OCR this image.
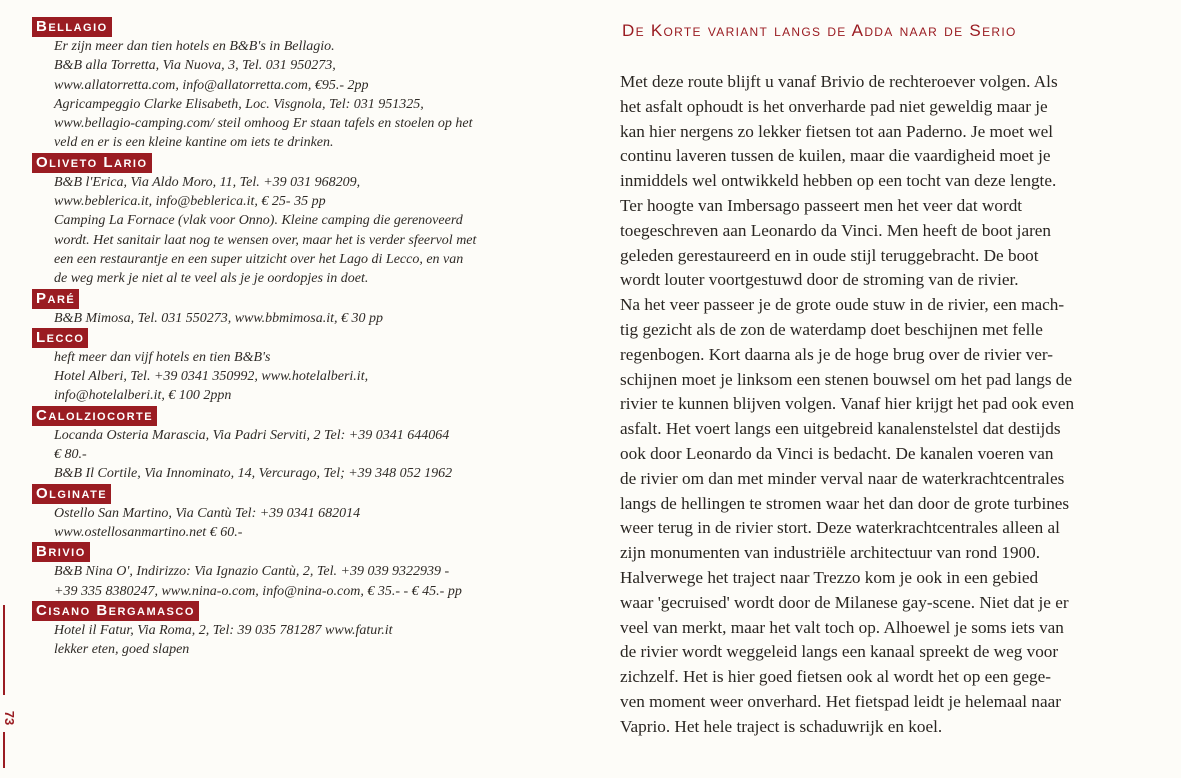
73
Bellagio
Er zijn meer dan tien hotels en B&B's in Bellagio.
B&B alla Torretta, Via Nuova, 3, Tel. 031 950273,
www.allatorretta.com, info@allatorretta.com, €95.- 2pp
Agricampeggio Clarke Elisabeth, Loc. Visgnola, Tel: 031 951325,
www.bellagio-camping.com/ steil omhoog Er staan tafels en stoelen op het
veld en er is een kleine kantine om iets te drinken.
Oliveto Lario
B&B l'Erica, Via Aldo Moro, 11, Tel. +39 031 968209,
www.beblerica.it, info@beblerica.it, € 25- 35 pp
Camping La Fornace (vlak voor Onno). Kleine camping die gerenoveerd
wordt. Het sanitair laat nog te wensen over, maar het is verder sfeervol met
een een restaurantje en een super uitzicht over het Lago di Lecco, en van
de weg merk je niet al te veel als je je oordopjes in doet.
Paré
B&B Mimosa, Tel. 031 550273, www.bbmimosa.it, € 30 pp
Lecco
heft meer dan vijf hotels en tien B&B's
Hotel Alberi, Tel. +39 0341 350992, www.hotelalberi.it,
info@hotelalberi.it, € 100 2ppn
Calolziocorte
Locanda Osteria Marascia, Via Padri Serviti, 2 Tel: +39 0341 644064
€ 80.-
B&B Il Cortile, Via Innominato, 14, Vercurago, Tel; +39 348 052 1962
Olginate
Ostello San Martino, Via Cantù Tel: +39 0341 682014
www.ostellosanmartino.net € 60.-
Brivio
B&B Nina O', Indirizzo: Via Ignazio Cantù, 2, Tel. +39 039 9322939 -
+39 335 8380247, www.nina-o.com, info@nina-o.com, € 35.- - € 45.- pp
Cisano Bergamasco
Hotel il Fatur, Via Roma, 2, Tel: 39 035 781287 www.fatur.it
lekker eten, goed slapen
De Korte variant langs de Adda naar de Serio
Met deze route blijft u vanaf Brivio de rechteroever volgen. Als
het asfalt ophoudt is het onverharde pad niet geweldig maar je
kan hier nergens zo lekker fietsen tot aan Paderno. Je moet wel
continu laveren tussen de kuilen, maar die vaardigheid moet je
inmiddels wel ontwikkeld hebben op een tocht van deze lengte.
Ter hoogte van Imbersago passeert men het veer dat wordt
toegeschreven aan Leonardo da Vinci. Men heeft de boot jaren
geleden gerestaureerd en in oude stijl teruggebracht. De boot
wordt louter voortgestuwd door de stroming van de rivier.
Na het veer passeer je de grote oude stuw in de rivier, een mach-
tig gezicht als de zon de waterdamp doet beschijnen met felle
regenbogen. Kort daarna als je de hoge brug over de rivier ver-
schijnen moet je linksom een stenen bouwsel om het pad langs de
rivier te kunnen blijven volgen. Vanaf hier krijgt het pad ook even
asfalt. Het voert langs een uitgebreid kanalenstelstel dat destijds
ook door Leonardo da Vinci is bedacht. De kanalen voeren van
de rivier om dan met minder verval naar de waterkrachtcentrales
langs de hellingen te stromen waar het dan door de grote turbines
weer terug in de rivier stort. Deze waterkrachtcentrales alleen al
zijn monumenten van industriële architectuur van rond 1900.
Halverwege het traject naar Trezzo kom je ook in een gebied
waar 'gecruised' wordt door de Milanese gay-scene. Niet dat je er
veel van merkt, maar het valt toch op. Alhoewel je soms iets van
de rivier wordt weggeleid langs een kanaal spreekt de weg voor
zichzelf. Het is hier goed fietsen ook al wordt het op een gege-
ven moment weer onverhard. Het fietspad leidt je helemaal naar
Vaprio. Het hele traject is schaduwrijk en koel.
